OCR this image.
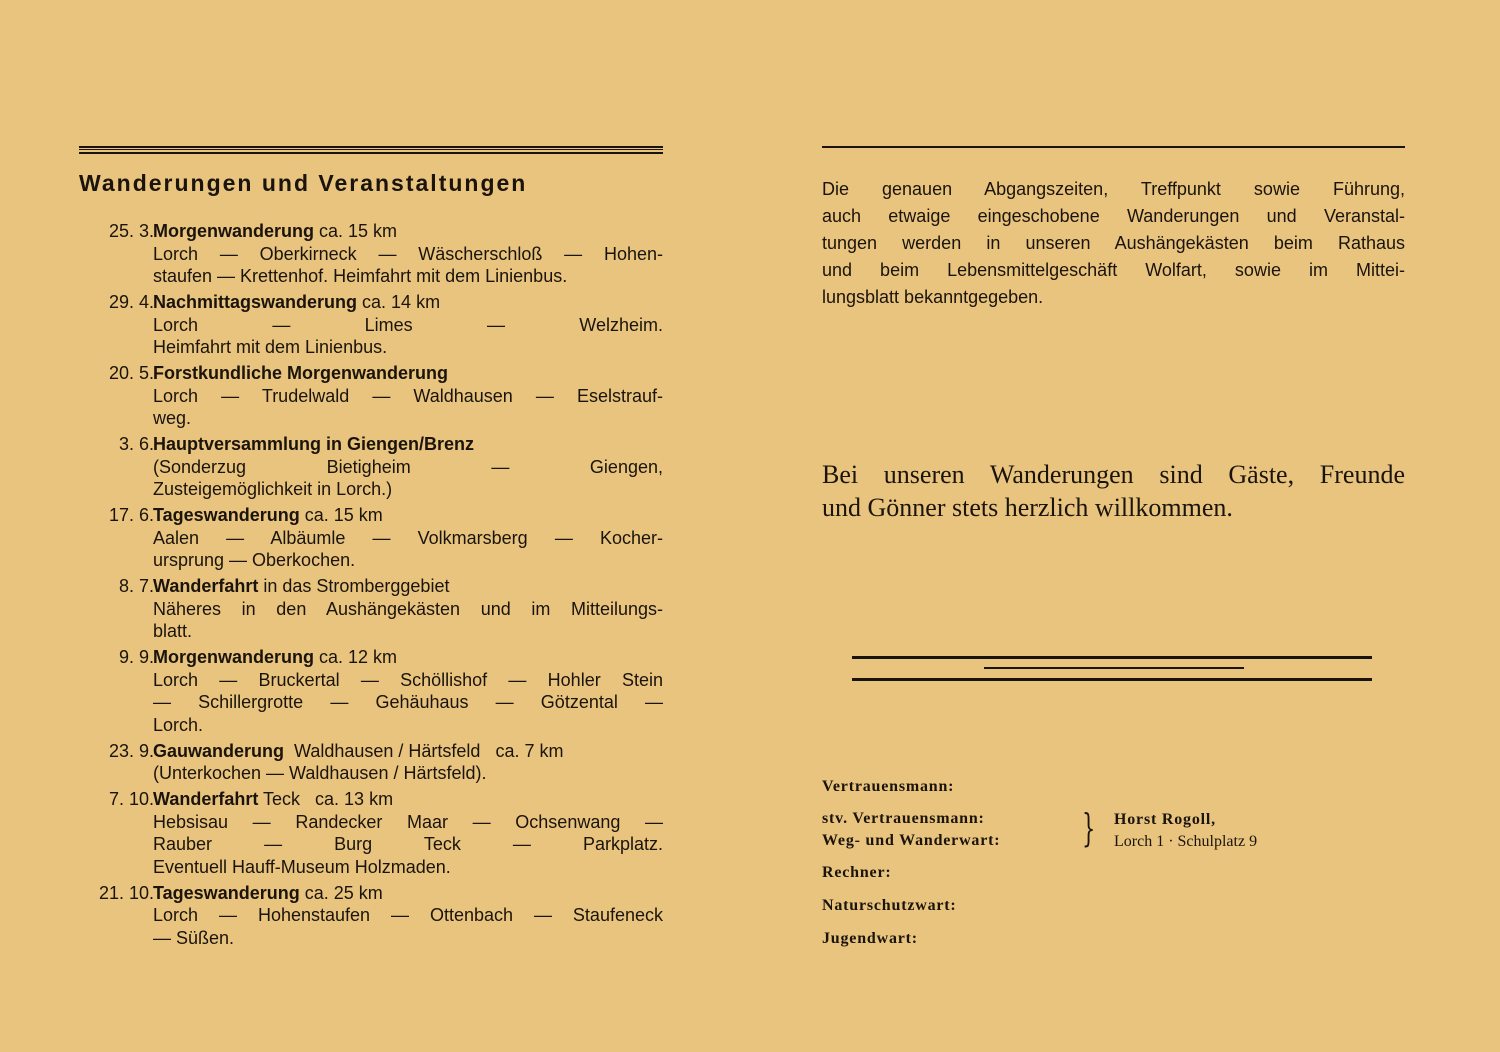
Wanderungen und Veranstaltungen
25. 3. Morgenwanderung ca. 15 km
Lorch — Oberkirneck — Wäscherschloß — Hohen-
staufen — Krettenhof. Heimfahrt mit dem Linienbus.
29. 4. Nachmittagswanderung ca. 14 km
Lorch — Limes — Welzheim.
Heimfahrt mit dem Linienbus.
20. 5. Forstkundliche Morgenwanderung
Lorch — Trudelwald — Waldhausen — Eselstrauf-
weg.
3. 6. Hauptversammlung in Giengen/Brenz
(Sonderzug Bietigheim — Giengen,
Zusteigemöglichkeit in Lorch.)
17. 6. Tageswanderung ca. 15 km
Aalen — Albäumle — Volkmarsberg — Kocher-
ursprung — Oberkochen.
8. 7. Wanderfahrt in das Stromberggebiet
Näheres in den Aushängekästen und im Mitteilungs-
blatt.
9. 9. Morgenwanderung ca. 12 km
Lorch — Bruckertal — Schöllishof — Hohler Stein
— Schillergrotte — Gehäuhaus — Götzental —
Lorch.
23. 9. Gauwanderung  Waldhausen / Härtsfeld   ca. 7 km
(Unterkochen — Waldhausen / Härtsfeld).
7. 10. Wanderfahrt Teck   ca. 13 km
Hebsisau — Randecker Maar — Ochsenwang —
Rauber — Burg Teck — Parkplatz.
Eventuell Hauff-Museum Holzmaden.
21. 10. Tageswanderung ca. 25 km
Lorch — Hohenstaufen — Ottenbach — Staufeneck
— Süßen.
Die genauen Abgangszeiten, Treffpunkt sowie Führung,
auch etwaige eingeschobene Wanderungen und Veranstal-
tungen werden in unseren Aushängekästen beim Rathaus
und beim Lebensmittelgeschäft Wolfart, sowie im Mittei-
lungsblatt bekanntgegeben.
Bei unseren Wanderungen sind Gäste, Freunde
und Gönner stets herzlich willkommen.
Vertrauensmann:
stv. Vertrauensmann:
Weg- und Wanderwart: } Horst Rogoll,
Lorch 1 · Schulplatz 9
Rechner:
Naturschutzwart:
Jugendwart:
